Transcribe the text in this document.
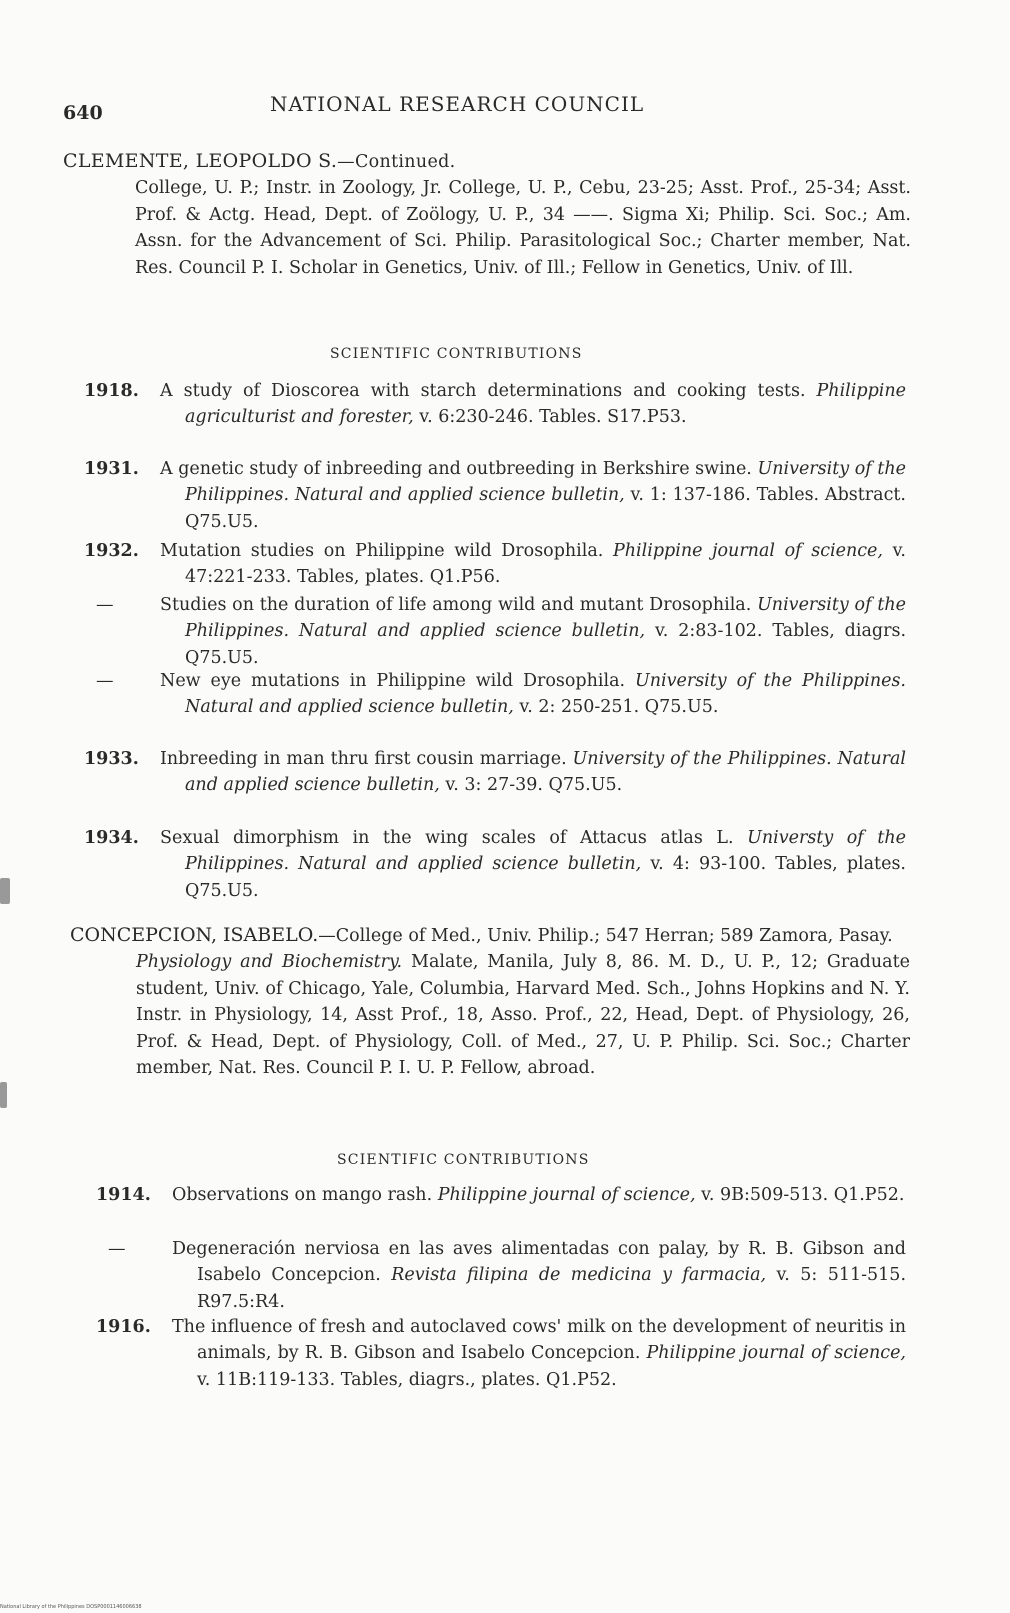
640	NATIONAL RESEARCH COUNCIL
CLEMENTE, LEOPOLDO S.—Continued.
College, U. P.; Instr. in Zoology, Jr. College, U. P., Cebu, 23-25; Asst. Prof., 25-34; Asst. Prof. & Actg. Head, Dept. of Zoölogy, U. P., 34 ——. Sigma Xi; Philip. Sci. Soc.; Am. Assn. for the Advancement of Sci. Philip. Parasitological Soc.; Charter member, Nat. Res. Council P. I. Scholar in Genetics, Univ. of Ill.; Fellow in Genetics, Univ. of Ill.
SCIENTIFIC CONTRIBUTIONS
1918. A study of Dioscorea with starch determinations and cooking tests. Philippine agriculturist and forester, v. 6:230-246. Tables. S17.P53.
1931. A genetic study of inbreeding and outbreeding in Berkshire swine. University of the Philippines. Natural and applied science bulletin, v. 1: 137-186. Tables. Abstract. Q75.U5.
1932. Mutation studies on Philippine wild Drosophila. Philippine journal of science, v. 47:221-233. Tables, plates. Q1.P56.
—	Studies on the duration of life among wild and mutant Drosophila. University of the Philippines. Natural and applied science bulletin, v. 2:83-102. Tables, diagrs. Q75.U5.
—	New eye mutations in Philippine wild Drosophila. University of the Philippines. Natural and applied science bulletin, v. 2: 250-251. Q75.U5.
1933. Inbreeding in man thru first cousin marriage. University of the Philippines. Natural and applied science bulletin, v. 3: 27-39. Q75.U5.
1934. Sexual dimorphism in the wing scales of Attacus atlas L. Universty of the Philippines. Natural and applied science bulletin, v. 4: 93-100. Tables, plates. Q75.U5.
CONCEPCION, ISABELO.—College of Med., Univ. Philip.; 547 Herran; 589 Zamora, Pasay.
Physiology and Biochemistry. Malate, Manila, July 8, 86. M. D., U. P., 12; Graduate student, Univ. of Chicago, Yale, Columbia, Harvard Med. Sch., Johns Hopkins and N. Y. Instr. in Physiology, 14, Asst Prof., 18, Asso. Prof., 22, Head, Dept. of Physiology, 26, Prof. & Head, Dept. of Physiology, Coll. of Med., 27, U. P. Philip. Sci. Soc.; Charter member, Nat. Res. Council P. I. U. P. Fellow, abroad.
SCIENTIFIC CONTRIBUTIONS
1914. Observations on mango rash. Philippine journal of science, v. 9B:509-513. Q1.P52.
—	Degeneración nerviosa en las aves alimentadas con palay, by R. B. Gibson and Isabelo Concepcion. Revista filipina de medicina y farmacia, v. 5: 511-515. R97.5:R4.
1916. The influence of fresh and autoclaved cows' milk on the development of neuritis in animals, by R. B. Gibson and Isabelo Concepcion. Philippine journal of science, v. 11B:119-133. Tables, diagrs., plates. Q1.P52.
National Library of the Philippines DOSP0001146006638
